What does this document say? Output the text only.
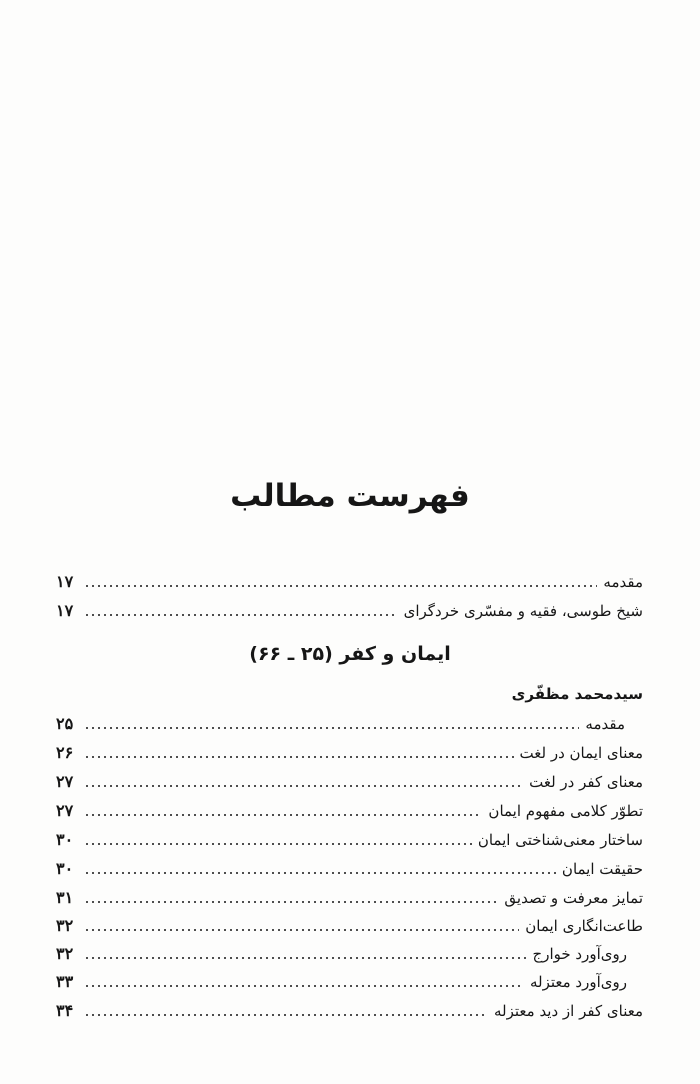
فهرست مطالب
مقدمه
۱۷
شیخ طوسی، فقیه و مفسّری خردگرای
۱۷
ایمان و کفر (۲۵ ـ ۶۶)
سیدمحمد مظفّری
مقدمه
۲۵
معنای ایمان در لغت
۲۶
معنای کفر در لغت
۲۷
تطوّر کلامی مفهوم ایمان
۲۷
ساختار معنی‌شناختی ایمان
۳۰
حقیقت ایمان
۳۰
تمایز معرفت و تصدیق
۳۱
طاعت‌انگاری ایمان
۳۲
روی‌آورد خوارج
۳۲
روی‌آورد معتزله
۳۳
معنای کفر از دید معتزله
۳۴
